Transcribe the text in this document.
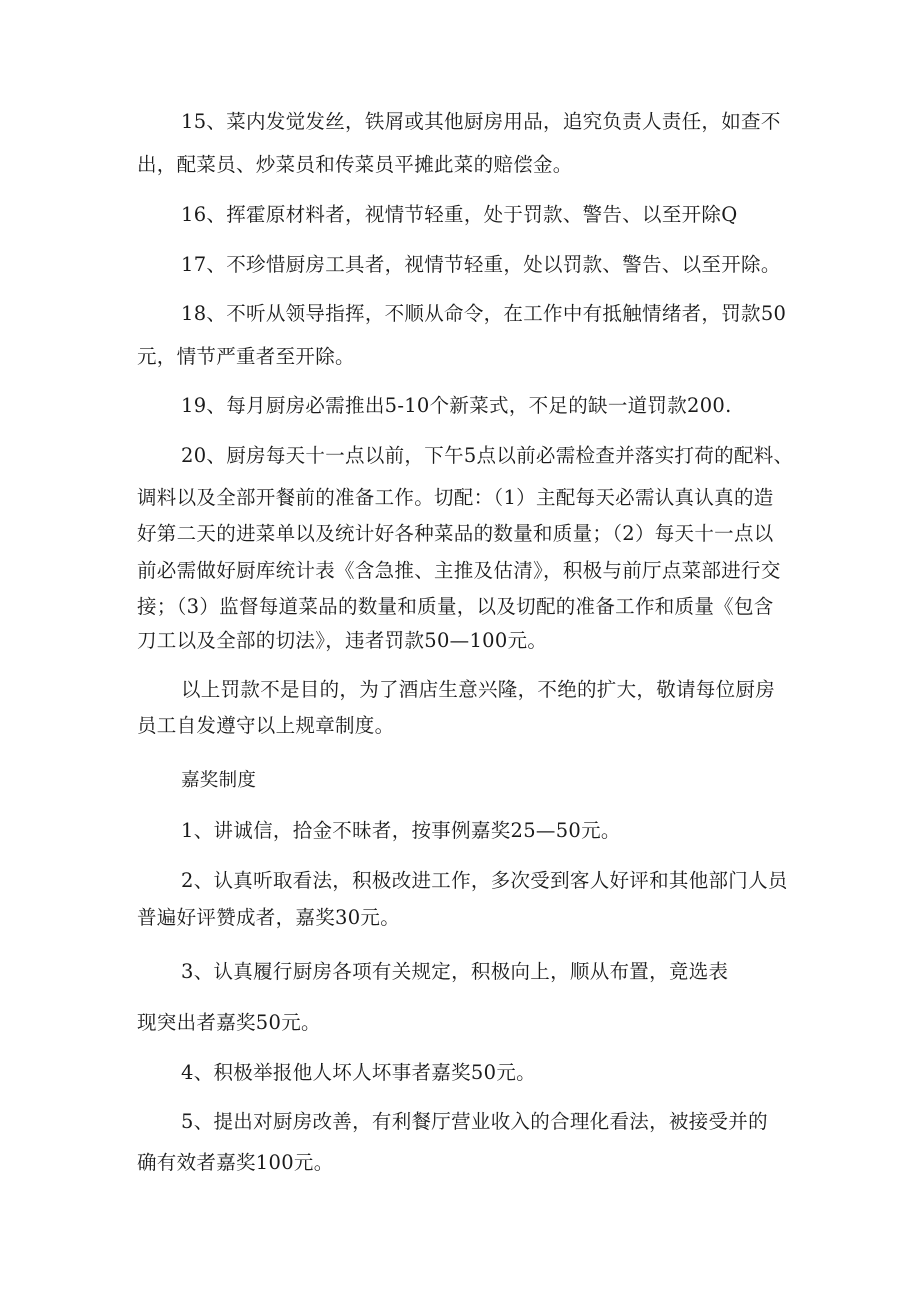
15、菜内发觉发丝，铁屑或其他厨房用品，追究负责人责任，如查不
出，配菜员、炒菜员和传菜员平摊此菜的赔偿金。
16、挥霍原材料者，视情节轻重，处于罚款、警告、以至开除Q
17、不珍惜厨房工具者，视情节轻重，处以罚款、警告、以至开除。
18、不听从领导指挥，不顺从命令，在工作中有抵触情绪者，罚款50
元，情节严重者至开除。
19、每月厨房必需推出5-10个新菜式，不足的缺一道罚款200.
20、厨房每天十一点以前，下午5点以前必需检查并落实打荷的配料、
调料以及全部开餐前的准备工作。切配：（1）主配每天必需认真认真的造
好第二天的进菜单以及统计好各种菜品的数量和质量；（2）每天十一点以
前必需做好厨库统计表《含急推、主推及估清》，积极与前厅点菜部进行交
接；（3）监督每道菜品的数量和质量，以及切配的准备工作和质量《包含
刀工以及全部的切法》，违者罚款50—100元。
以上罚款不是目的，为了酒店生意兴隆，不绝的扩大，敬请每位厨房
员工自发遵守以上规章制度。
嘉奖制度
1、讲诚信，拾金不昧者，按事例嘉奖25—50元。
2、认真听取看法，积极改进工作，多次受到客人好评和其他部门人员
普遍好评赞成者，嘉奖30元。
3、认真履行厨房各项有关规定，积极向上，顺从布置，竟选表
现突出者嘉奖50元。
4、积极举报他人坏人坏事者嘉奖50元。
5、提出对厨房改善，有利餐厅营业收入的合理化看法，被接受并的
确有效者嘉奖100元。
